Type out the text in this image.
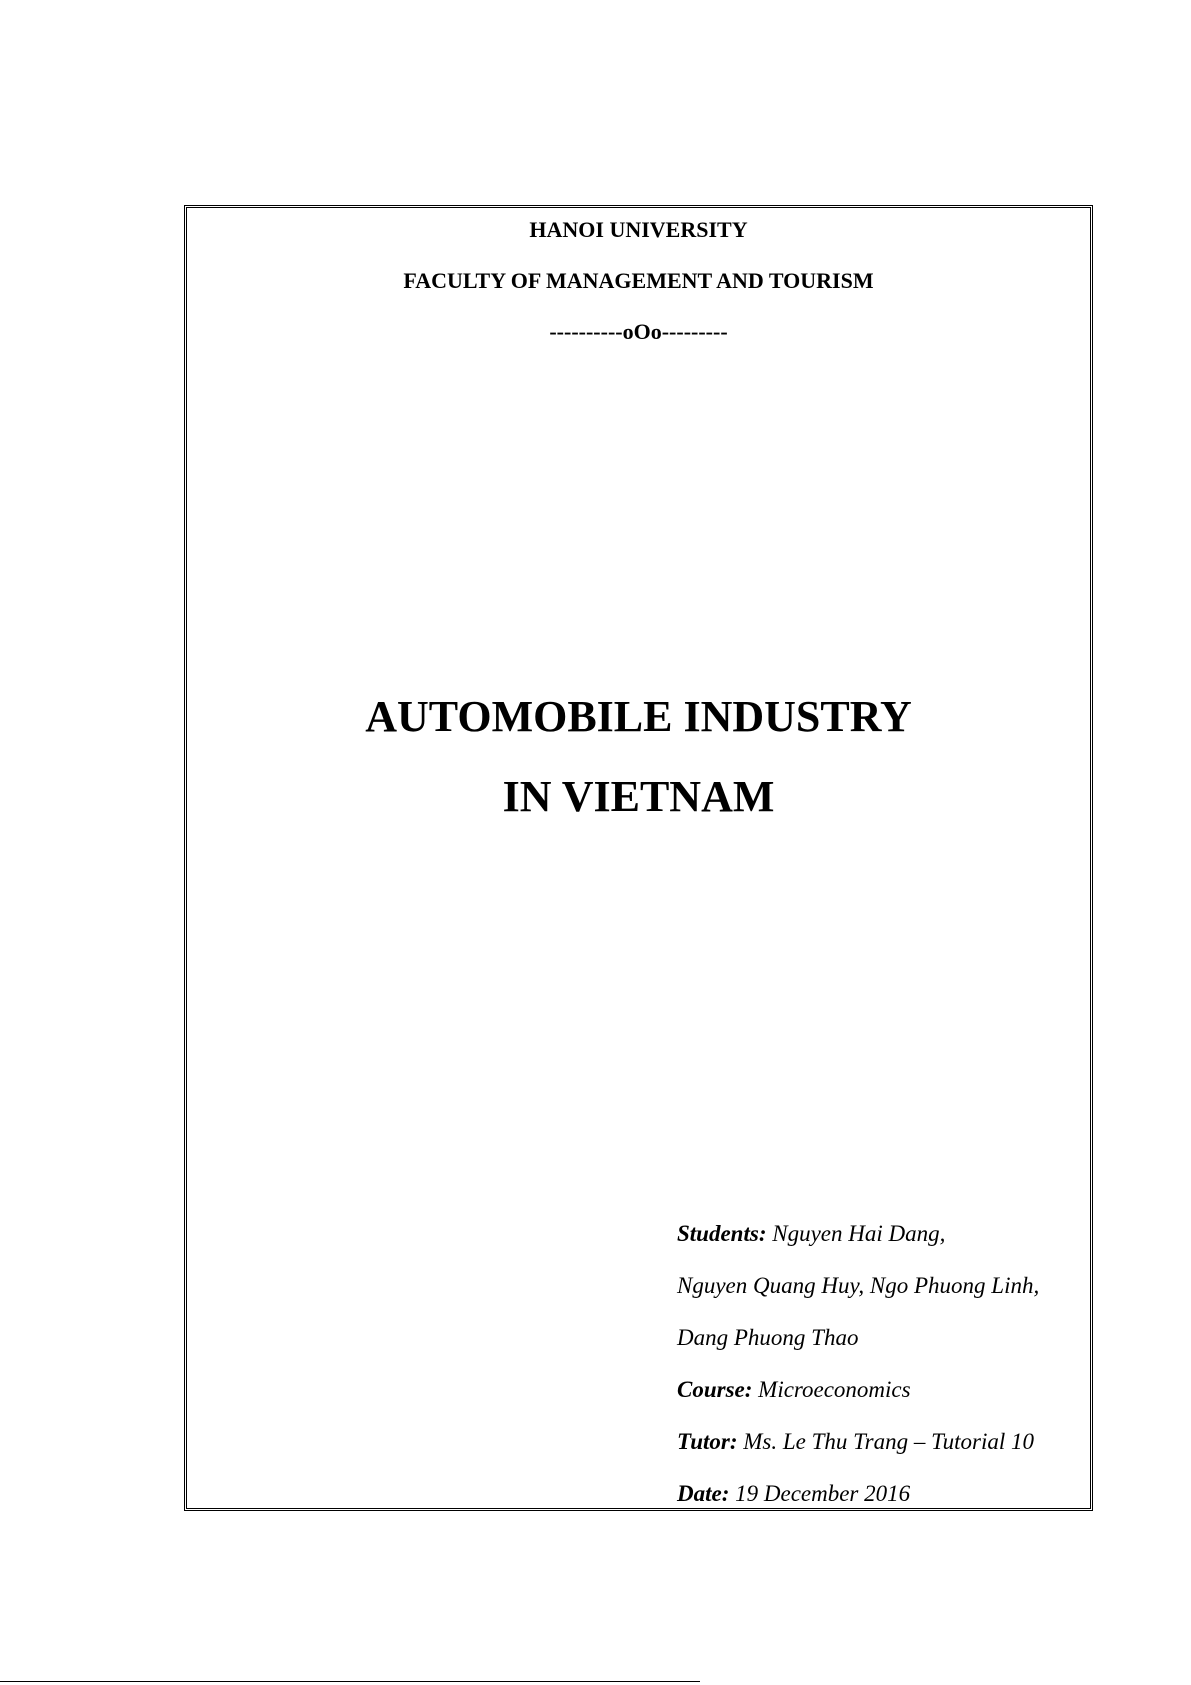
HANOI UNIVERSITY
FACULTY OF MANAGEMENT AND TOURISM
----------oOo---------
AUTOMOBILE INDUSTRY
IN VIETNAM
Students: Nguyen Hai Dang,
Nguyen Quang Huy, Ngo Phuong Linh,
Dang Phuong Thao
Course: Microeconomics
Tutor: Ms. Le Thu Trang – Tutorial 10
Date: 19 December 2016
